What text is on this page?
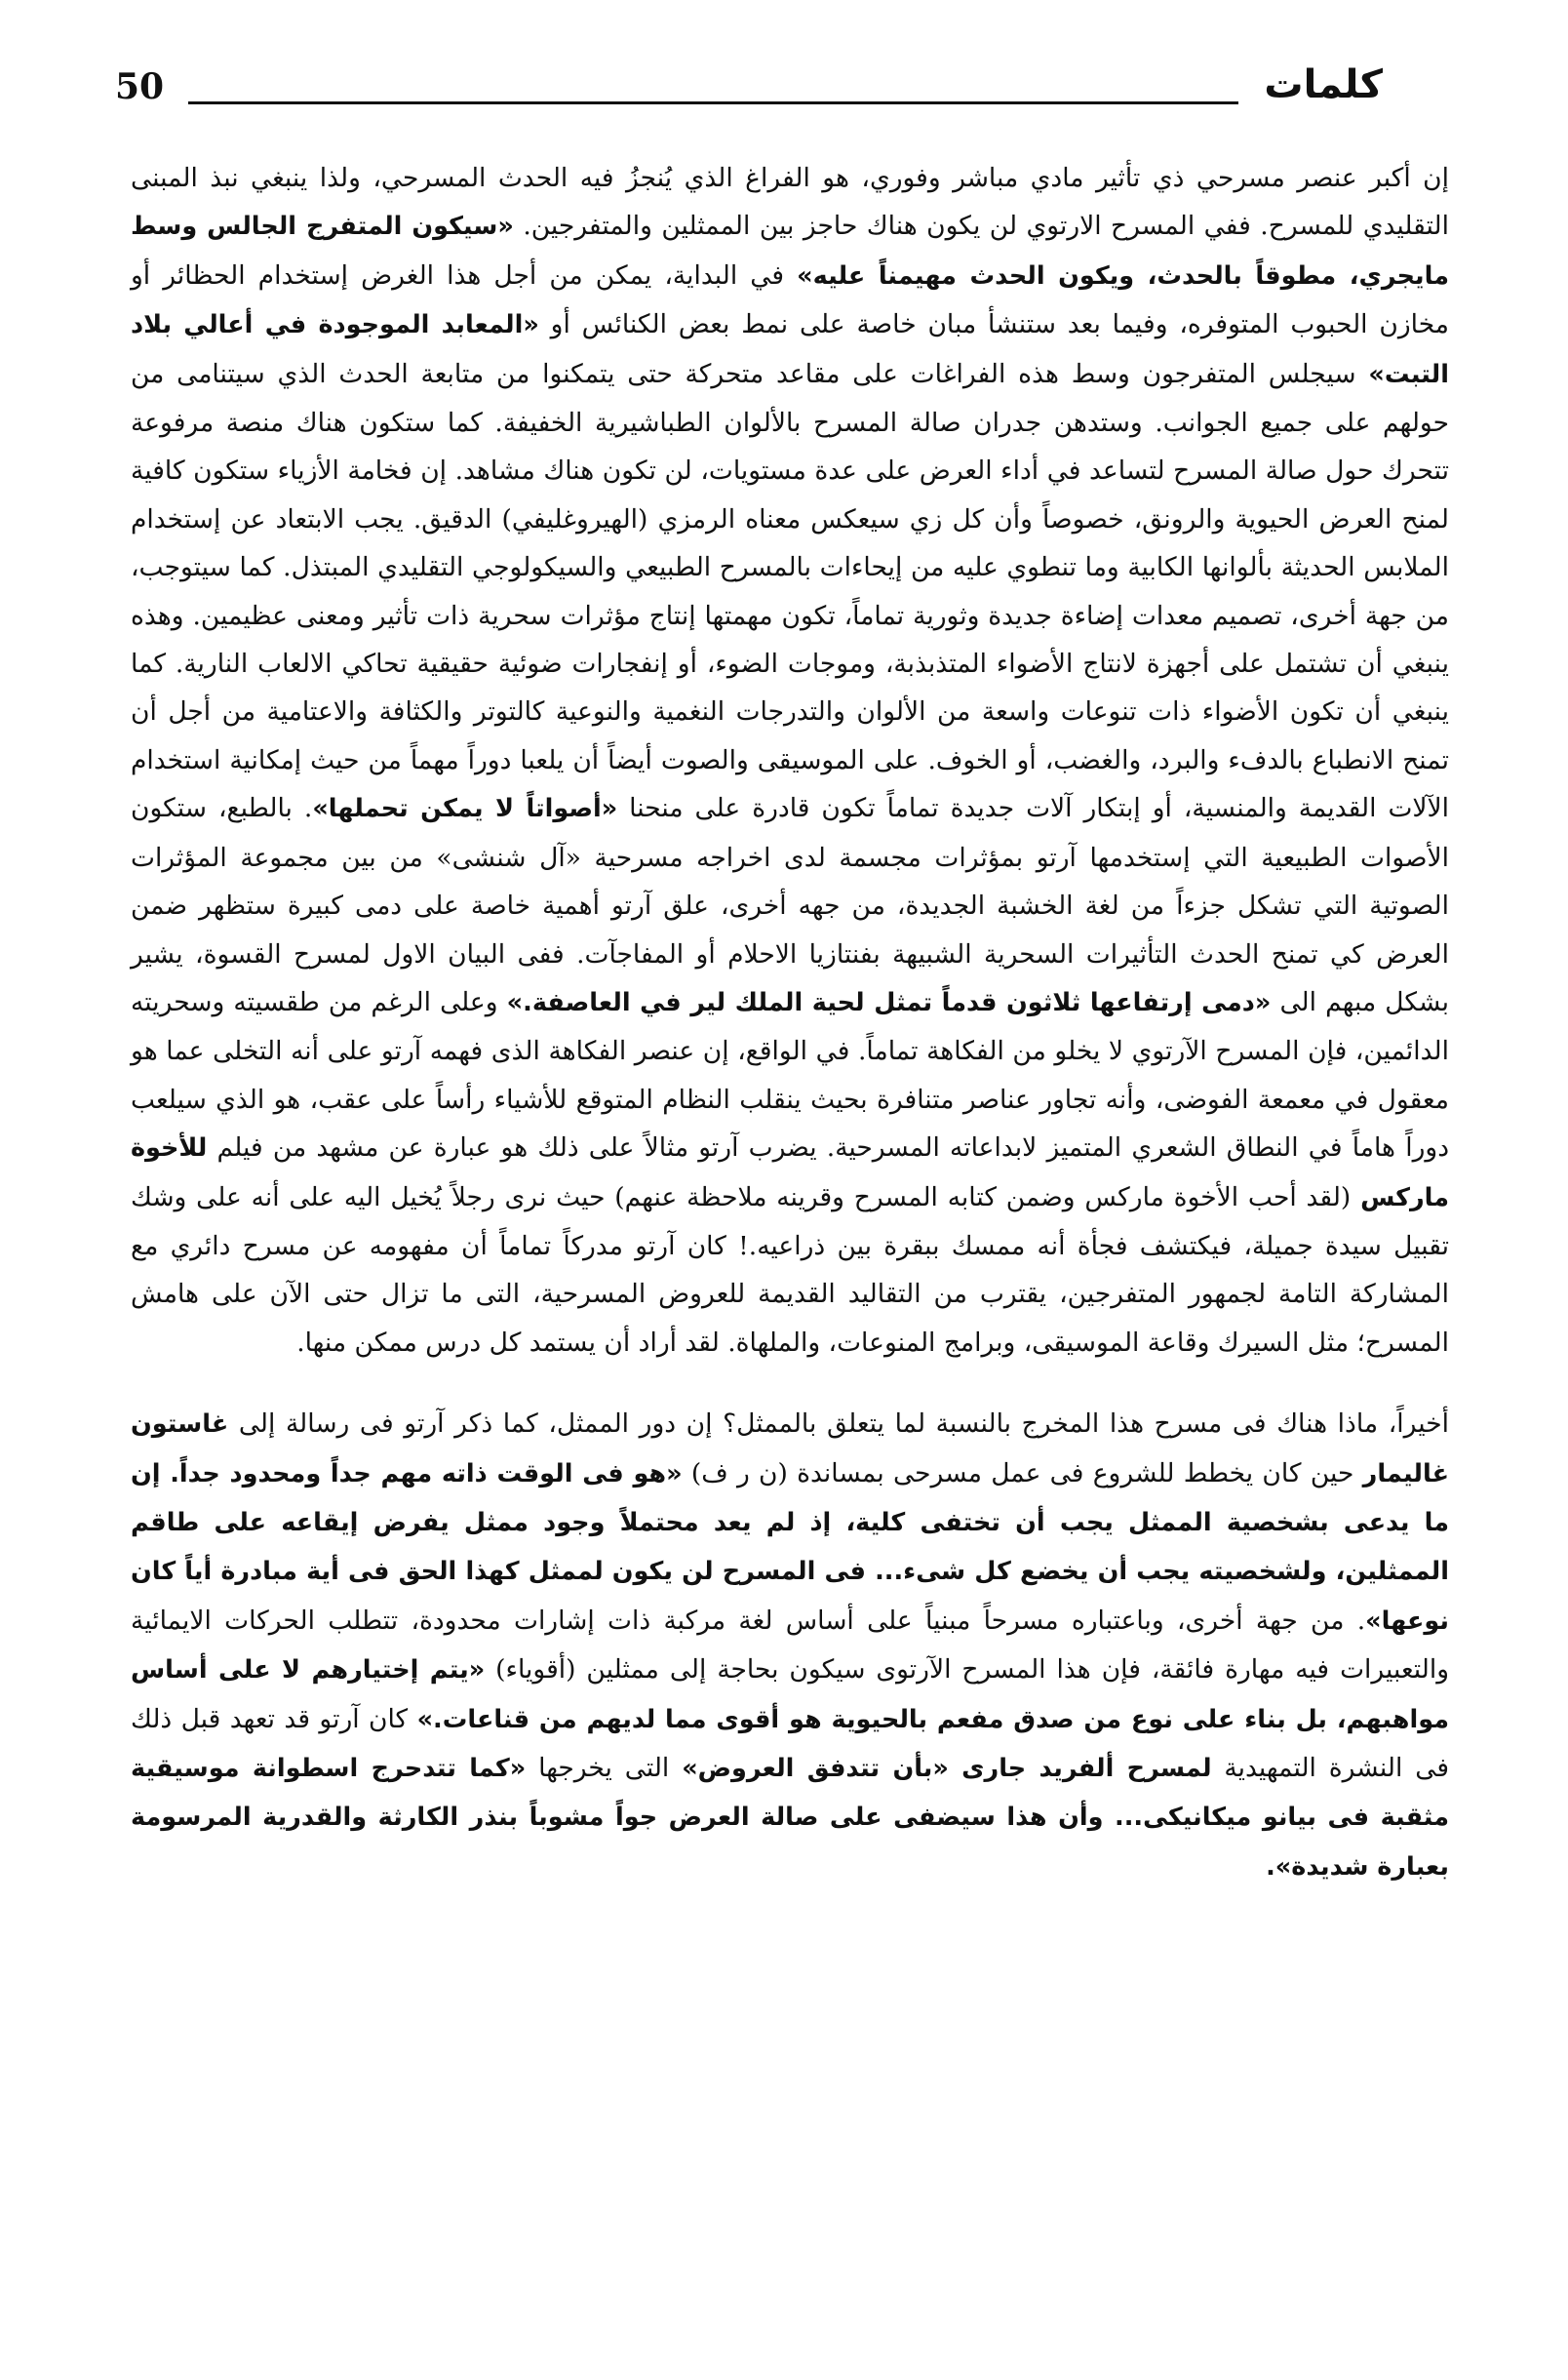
50	كلمات

إن أكبر عنصر مسرحي ذي تأثير مادي مباشر وفوري، هو الفراغ الذي يُنجزُ فيه الحدث المسرحي، ولذا ينبغي نبذ المبنى التقليدي للمسرح. ففي المسرح الارتوي لن يكون هناك حاجز بين الممثلين والمتفرجين. «سيكون المتفرج الجالس وسط مايجري، مطوقاً بالحدث، ويكون الحدث مهيمناً عليه» في البداية، يمكن من أجل هذا الغرض إستخدام الحظائر أو مخازن الحبوب المتوفره، وفيما بعد ستنشأ مبان خاصة على نمط بعض الكنائس أو «المعابد الموجودة في أعالي بلاد التبت» سيجلس المتفرجون وسط هذه الفراغات على مقاعد متحركة حتى يتمكنوا من متابعة الحدث الذي سيتنامى من حولهم على جميع الجوانب. وستدهن جدران صالة المسرح بالألوان الطباشيرية الخفيفة. كما ستكون هناك منصة مرفوعة تتحرك حول صالة المسرح لتساعد في أداء العرض على عدة مستويات، لن تكون هناك مشاهد. إن فخامة الأزياء ستكون كافية لمنح العرض الحيوية والرونق، خصوصاً وأن كل زي سيعكس معناه الرمزي (الهيروغليفي) الدقيق. يجب الابتعاد عن إستخدام الملابس الحديثة بألوانها الكابية وما تنطوي عليه من إيحاءات بالمسرح الطبيعي والسيكولوجي التقليدي المبتذل. كما سيتوجب، من جهة أخرى، تصميم معدات إضاءة جديدة وثورية تماماً، تكون مهمتها إنتاج مؤثرات سحرية ذات تأثير ومعنى عظيمين. وهذه ينبغي أن تشتمل على أجهزة لانتاج الأضواء المتذبذبة، وموجات الضوء، أو إنفجارات ضوئية حقيقية تحاكي الالعاب النارية. كما ينبغي أن تكون الأضواء ذات تنوعات واسعة من الألوان والتدرجات النغمية والنوعية كالتوتر والكثافة والاعتامية من أجل أن تمنح الانطباع بالدفء والبرد، والغضب، أو الخوف. على الموسيقى والصوت أيضاً أن يلعبا دوراً مهماً من حيث إمكانية استخدام الآلات القديمة والمنسية، أو إبتكار آلات جديدة تماماً تكون قادرة على منحنا «أصواتاً لا يمكن تحملها». بالطبع، ستكون الأصوات الطبيعية التي إستخدمها آرتو بمؤثرات مجسمة لدى اخراجه مسرحية «آل شنشى» من بين مجموعة المؤثرات الصوتية التي تشكل جزءاً من لغة الخشبة الجديدة، من جهه أخرى، علق آرتو أهمية خاصة على دمى كبيرة ستظهر ضمن العرض كي تمنح الحدث التأثيرات السحرية الشبيهة بفنتازيا الاحلام أو المفاجآت. ففى البيان الاول لمسرح القسوة، يشير بشكل مبهم الى «دمى إرتفاعها ثلاثون قدماً تمثل لحية الملك لير في العاصفة.» وعلى الرغم من طقسيته وسحريته الدائمين، فإن المسرح الآرتوي لا يخلو من الفكاهة تماماً. في الواقع، إن عنصر الفكاهة الذى فهمه آرتو على أنه التخلى عما هو معقول في معمعة الفوضى، وأنه تجاور عناصر متنافرة بحيث ينقلب النظام المتوقع للأشياء رأساً على عقب، هو الذي سيلعب دوراً هاماً في النطاق الشعري المتميز لابداعاته المسرحية. يضرب آرتو مثالاً على ذلك هو عبارة عن مشهد من فيلم للأخوة ماركس (لقد أحب الأخوة ماركس وضمن كتابه المسرح وقرينه ملاحظة عنهم) حيث نرى رجلاً يُخيل اليه على أنه على وشك تقبيل سيدة جميلة، فيكتشف فجأة أنه ممسك ببقرة بين ذراعيه.! كان آرتو مدركاً تماماً أن مفهومه عن مسرح دائري مع المشاركة التامة لجمهور المتفرجين، يقترب من التقاليد القديمة للعروض المسرحية، التى ما تزال حتى الآن على هامش المسرح؛ مثل السيرك وقاعة الموسيقى، وبرامج المنوعات، والملهاة. لقد أراد أن يستمد كل درس ممكن منها.

أخيراً، ماذا هناك فى مسرح هذا المخرج بالنسبة لما يتعلق بالممثل؟ إن دور الممثل، كما ذكر آرتو فى رسالة إلى غاستون غاليمار حين كان يخطط للشروع فى عمل مسرحى بمساندة (ن ر ف) «هو فى الوقت ذاته مهم جداً ومحدود جداً. إن ما يدعى بشخصية الممثل يجب أن تختفى كلية، إذ لم يعد محتملاً وجود ممثل يفرض إيقاعه على طاقم الممثلين، ولشخصيته يجب أن يخضع كل شىء... فى المسرح لن يكون لممثل كهذا الحق فى أية مبادرة أياً كان نوعها». من جهة أخرى، وباعتباره مسرحاً مبنياً على أساس لغة مركبة ذات إشارات محدودة، تتطلب الحركات الايمائية والتعبيرات فيه مهارة فائقة، فإن هذا المسرح الآرتوى سيكون بحاجة إلى ممثلين (أقوياء) «يتم إختيارهم لا على أساس مواهبهم، بل بناء على نوع من صدق مفعم بالحيوية هو أقوى مما لديهم من قناعات.» كان آرتو قد تعهد قبل ذلك فى النشرة التمهيدية لمسرح ألفريد جارى «بأن تتدفق العروض» التى يخرجها «كما تتدحرج اسطوانة موسيقية مثقبة فى بيانو ميكانيكى... وأن هذا سيضفى على صالة العرض جواً مشوباً بنذر الكارثة والقدرية المرسومة بعبارة شديدة».
